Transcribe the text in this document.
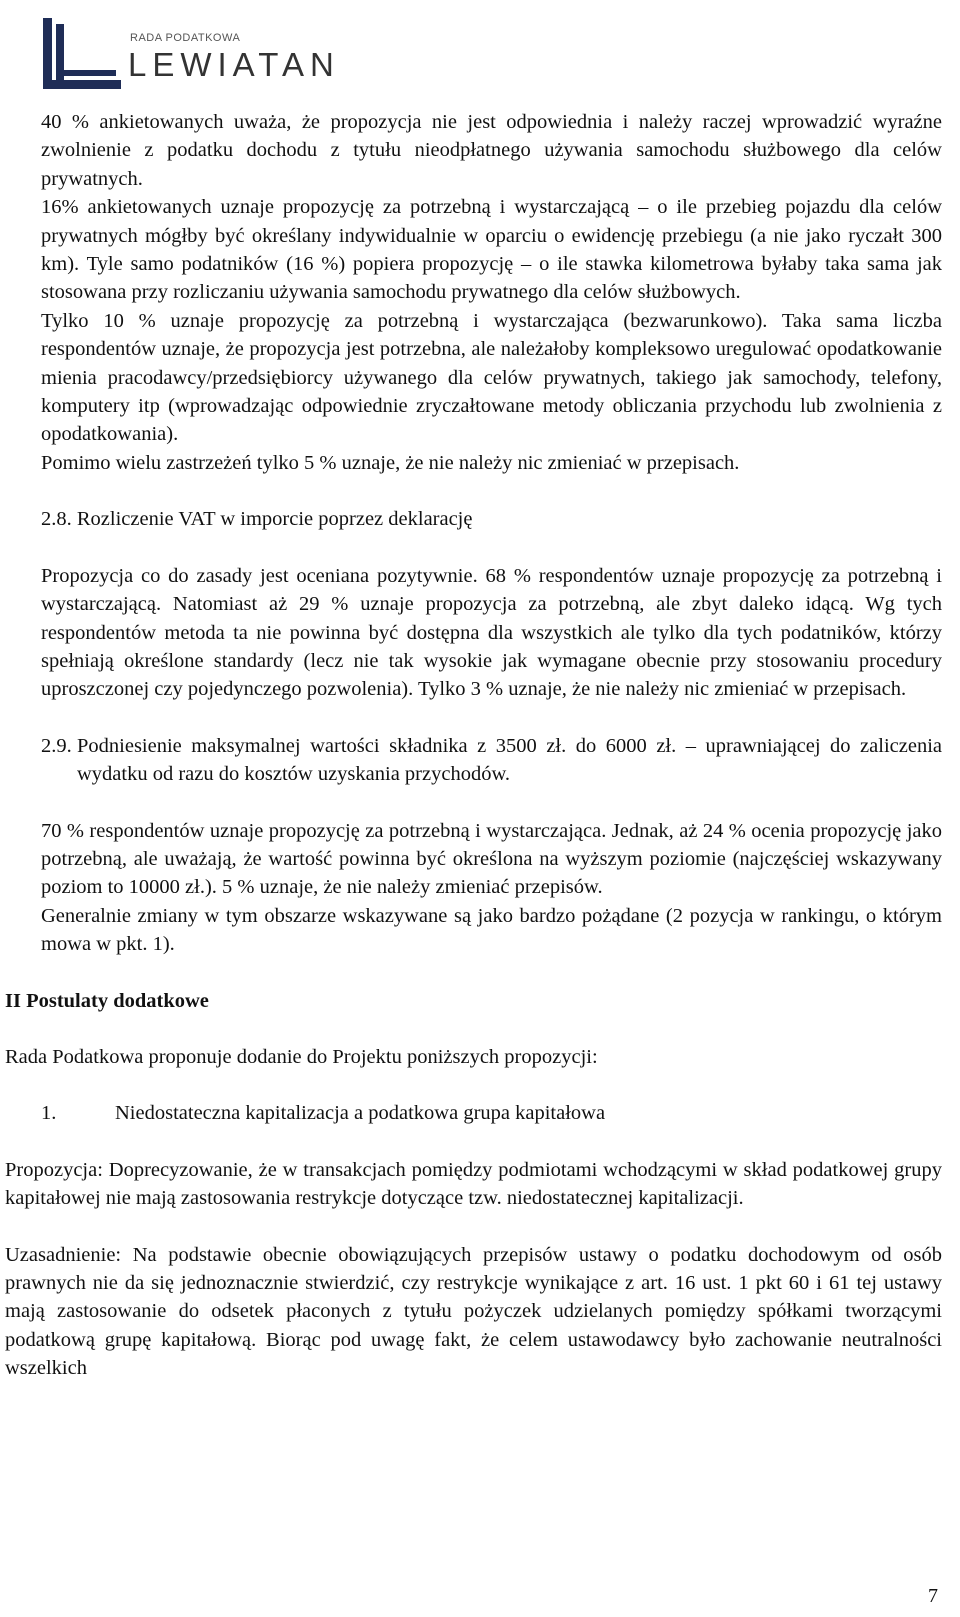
RADA PODATKOWA
LEWIATAN

40 % ankietowanych uważa, że propozycja nie jest odpowiednia i należy raczej wprowadzić wyraźne zwolnienie z podatku dochodu z tytułu nieodpłatnego używania samochodu służbowego dla celów prywatnych.

16% ankietowanych uznaje propozycję za potrzebną i wystarczającą – o ile przebieg pojazdu dla celów prywatnych mógłby być określany indywidualnie w oparciu o ewidencję przebiegu (a nie jako ryczałt 300 km). Tyle samo podatników (16 %) popiera propozycję – o ile stawka kilometrowa byłaby taka sama jak stosowana przy rozliczaniu używania samochodu prywatnego dla celów służbowych.

Tylko 10 % uznaje propozycję za potrzebną i wystarczająca (bezwarunkowo). Taka sama liczba respondentów uznaje, że propozycja jest potrzebna, ale należałoby kompleksowo uregulować opodatkowanie mienia pracodawcy/przedsiębiorcy używanego dla celów prywatnych, takiego jak samochody, telefony, komputery itp (wprowadzając odpowiednie zryczałtowane metody obliczania przychodu lub zwolnienia z opodatkowania).

Pomimo wielu zastrzeżeń tylko 5 % uznaje, że nie należy nic zmieniać w przepisach.

2.8. Rozliczenie VAT w imporcie poprzez deklarację

Propozycja co do zasady jest oceniana pozytywnie. 68 % respondentów uznaje propozycję za potrzebną i wystarczającą. Natomiast aż 29 % uznaje propozycja za potrzebną, ale zbyt daleko idącą. Wg tych respondentów metoda ta nie powinna być dostępna dla wszystkich ale tylko dla tych podatników, którzy spełniają określone standardy (lecz nie tak wysokie jak wymagane obecnie przy stosowaniu procedury uproszczonej czy pojedynczego pozwolenia). Tylko 3 % uznaje, że nie należy nic zmieniać w przepisach.

2.9. Podniesienie maksymalnej wartości składnika z 3500 zł. do 6000 zł. – uprawniającej do zaliczenia wydatku od razu do kosztów uzyskania przychodów.

70 % respondentów uznaje propozycję za potrzebną i wystarczająca. Jednak, aż 24 % ocenia propozycję jako potrzebną, ale uważają, że wartość powinna być określona na wyższym poziomie (najczęściej wskazywany poziom to 10000 zł.). 5 % uznaje, że nie należy zmieniać przepisów.

Generalnie zmiany w tym obszarze wskazywane są jako bardzo pożądane (2 pozycja w rankingu, o którym mowa w pkt. 1).

II Postulaty dodatkowe

Rada Podatkowa proponuje dodanie do Projektu poniższych propozycji:

1.	Niedostateczna kapitalizacja a podatkowa grupa kapitałowa

Propozycja: Doprecyzowanie, że w transakcjach pomiędzy podmiotami wchodzącymi w skład podatkowej grupy kapitałowej nie mają zastosowania restrykcje dotyczące tzw. niedostatecznej kapitalizacji.

Uzasadnienie: Na podstawie obecnie obowiązujących przepisów ustawy o podatku dochodowym od osób prawnych nie da się jednoznacznie stwierdzić, czy restrykcje wynikające z art. 16 ust. 1 pkt 60 i 61 tej ustawy mają zastosowanie do odsetek płaconych z tytułu pożyczek udzielanych pomiędzy spółkami tworzącymi podatkową grupę kapitałową. Biorąc pod uwagę fakt, że celem ustawodawcy było zachowanie neutralności wszelkich

7
